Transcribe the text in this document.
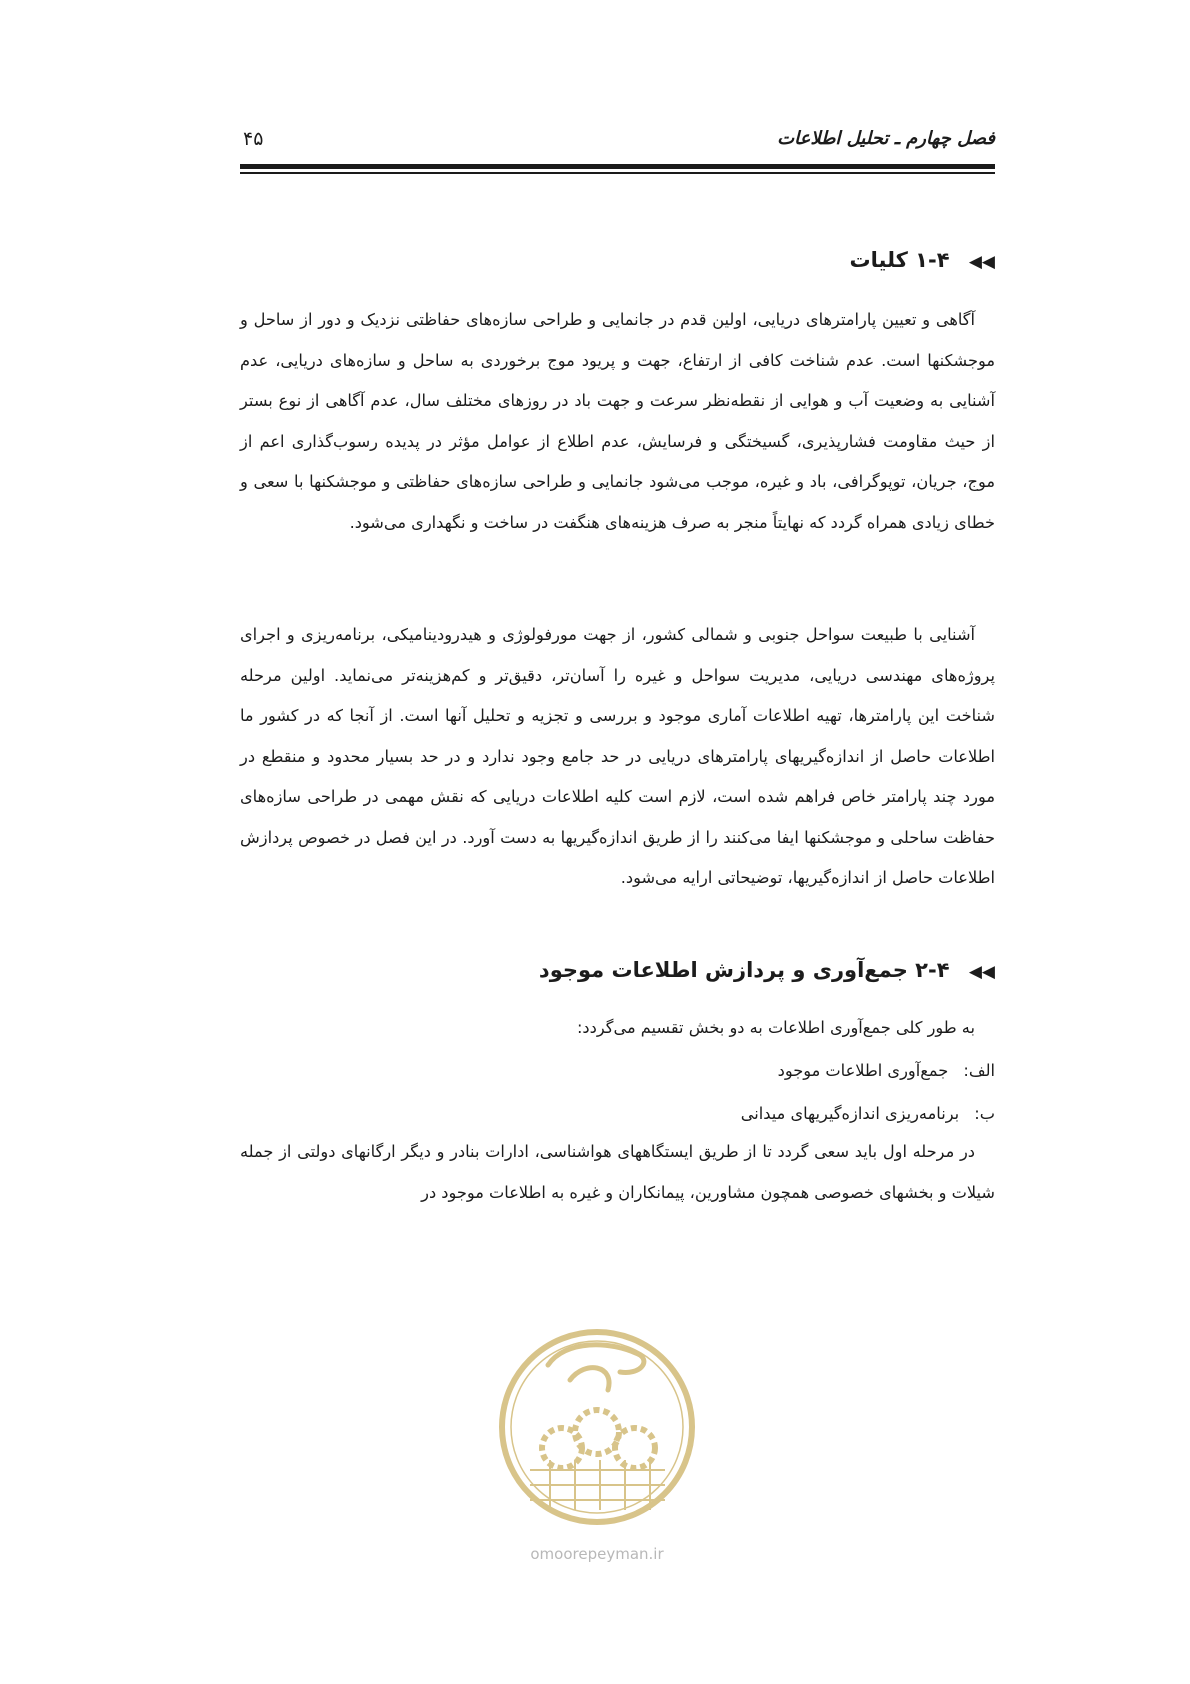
فصل چهارم ـ تحلیل اطلاعات
۴۵
◀◀ ۱-۴ کلیات

آگاهی و تعیین پارامترهای دریایی، اولین قدم در جانمایی و طراحی سازه‌های حفاظتی نزدیک و دور از ساحل و موجشکنها است. عدم شناخت کافی از ارتفاع، جهت و پریود موج برخوردی به ساحل و سازه‌های دریایی، عدم آشنایی به وضعیت آب و هوایی از نقطه‌نظر سرعت و جهت باد در روزهای مختلف سال، عدم آگاهی از نوع بستر از حیث مقاومت فشارپذیری، گسیختگی و فرسایش، عدم اطلاع از عوامل مؤثر در پدیده رسوب‌گذاری اعم از موج، جریان، توپوگرافی، باد و غیره، موجب می‌شود جانمایی و طراحی سازه‌های حفاظتی و موجشکنها با سعی و خطای زیادی همراه گردد که نهایتاً منجر به صرف هزینه‌های هنگفت در ساخت و نگهداری می‌شود.

آشنایی با طبیعت سواحل جنوبی و شمالی کشور، از جهت مورفولوژی و هیدرودینامیکی، برنامه‌ریزی و اجرای پروژه‌های مهندسی دریایی، مدیریت سواحل و غیره را آسان‌تر، دقیق‌تر و کم‌هزینه‌تر می‌نماید. اولین مرحله شناخت این پارامترها، تهیه اطلاعات آماری موجود و بررسی و تجزیه و تحلیل آنها است. از آنجا که در کشور ما اطلاعات حاصل از اندازه‌گیریهای پارامترهای دریایی در حد جامع وجود ندارد و در حد بسیار محدود و منقطع در مورد چند پارامتر خاص فراهم شده است، لازم است کلیه اطلاعات دریایی که نقش مهمی در طراحی سازه‌های حفاظت ساحلی و موجشکنها ایفا می‌کنند را از طریق اندازه‌گیریها به دست آورد. در این فصل در خصوص پردازش اطلاعات حاصل از اندازه‌گیریها، توضیحاتی ارایه می‌شود.

◀◀ ۲-۴ جمع‌آوری و پردازش اطلاعات موجود
به طور کلی جمع‌آوری اطلاعات به دو بخش تقسیم می‌گردد:
الف: جمع‌آوری اطلاعات موجود
ب: برنامه‌ریزی اندازه‌گیریهای میدانی

در مرحله اول باید سعی گردد تا از طریق ایستگاههای هواشناسی، ادارات بنادر و دیگر ارگانهای دولتی از جمله شیلات و بخشهای خصوصی همچون مشاورین، پیمانکاران و غیره به اطلاعات موجود در

omoorepeyman.ir
